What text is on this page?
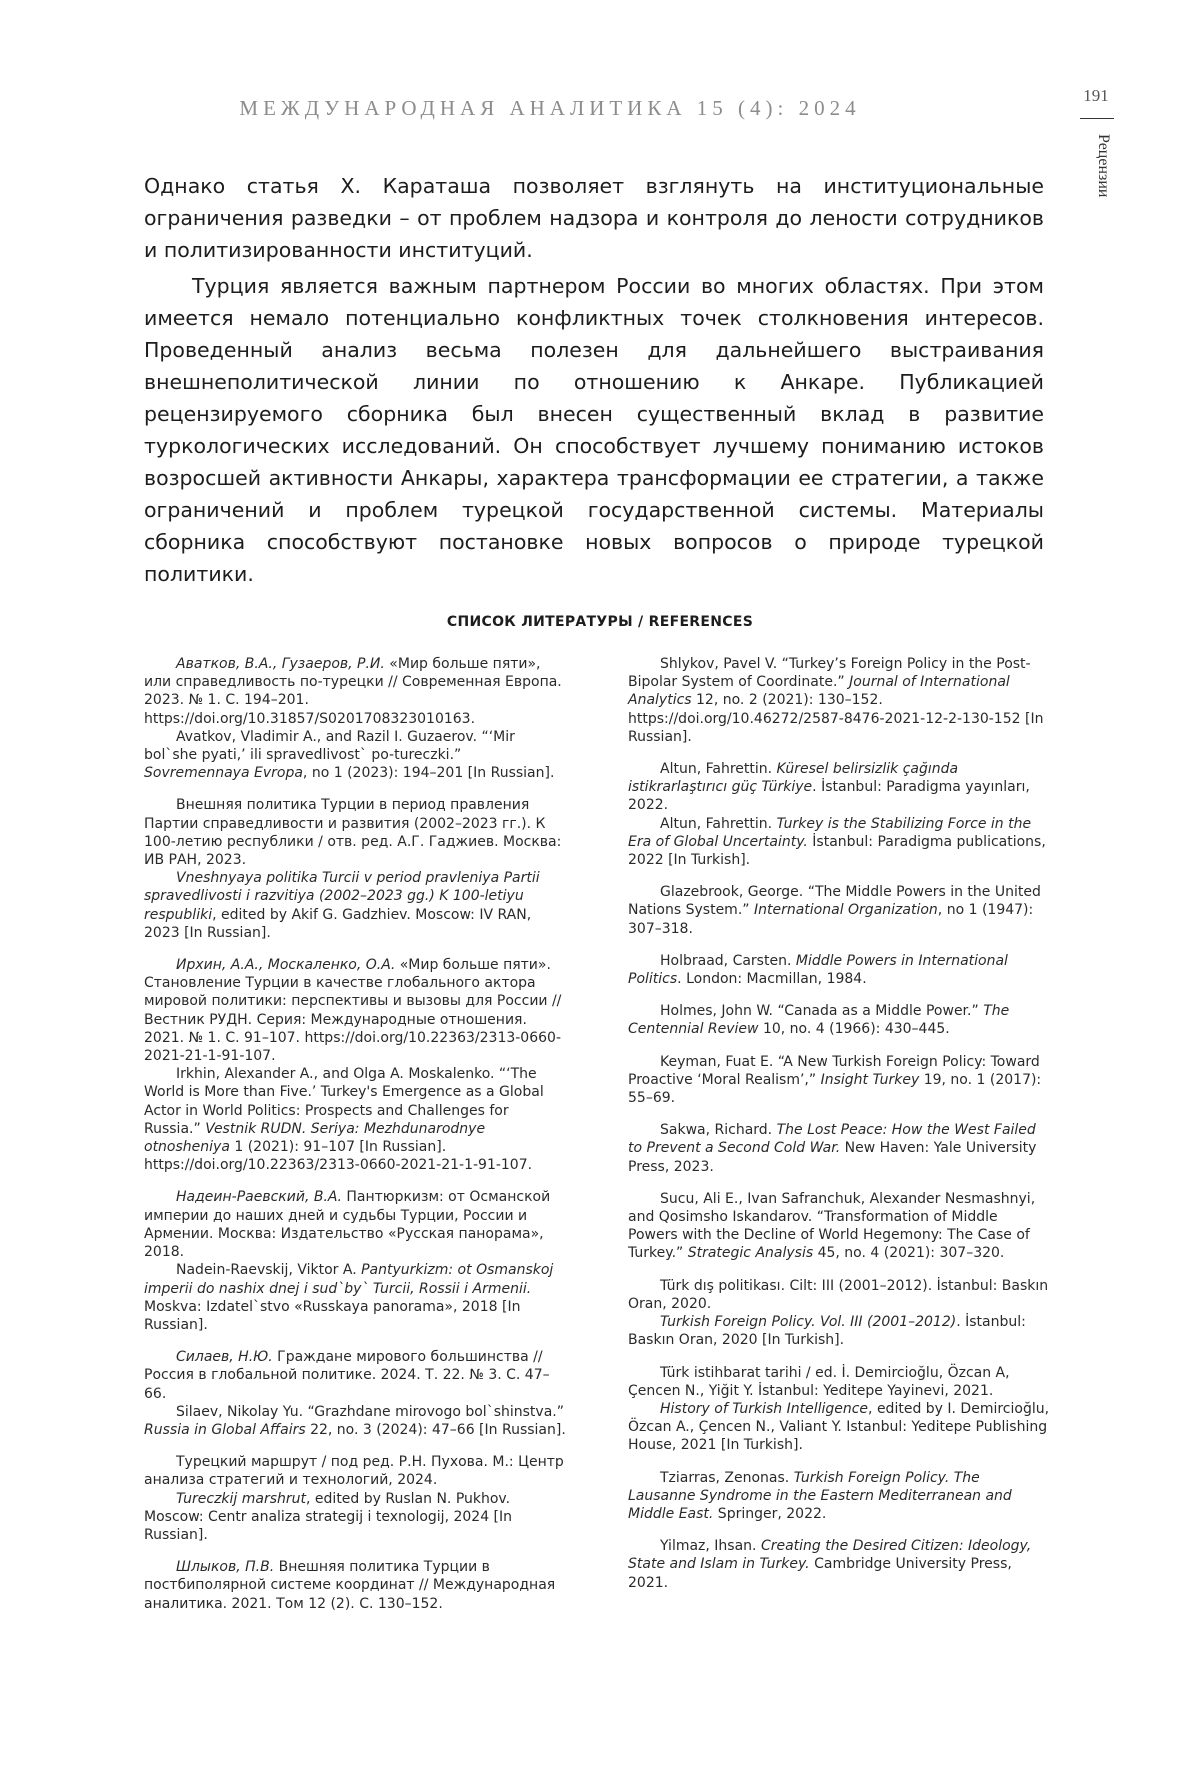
МЕЖДУНАРОДНАЯ АНАЛИТИКА 15 (4): 2024
191
Рецензии

Однако статья Х. Караташа позволяет взглянуть на институциональные ограничения разведки – от проблем надзора и контроля до лености сотрудников и политизированности институций.

Турция является важным партнером России во многих областях. При этом имеется немало потенциально конфликтных точек столкновения интересов. Проведенный анализ весьма полезен для дальнейшего выстраивания внешнеполитической линии по отношению к Анкаре. Публикацией рецензируемого сборника был внесен существенный вклад в развитие туркологических исследований. Он способствует лучшему пониманию истоков возросшей активности Анкары, характера трансформации ее стратегии, а также ограничений и проблем турецкой государственной системы. Материалы сборника способствуют постановке новых вопросов о природе турецкой политики.

СПИСОК ЛИТЕРАТУРЫ / REFERENCES
Аватков, В.А., Гузаеров, Р.И. «Мир больше пяти», или справедливость по-турецки // Современная Европа. 2023. № 1. С. 194–201. https://doi.org/10.31857/S0201708323010163.
Avatkov, Vladimir A., and Razil I. Guzaerov. “‘Mir bol`she pyati,’ ili spravedlivost` po-tureczki.” Sovremennaya Evropa, no 1 (2023): 194–201 [In Russian].
Внешняя политика Турции в период правления Партии справедливости и развития (2002–2023 гг.). К 100-летию республики / отв. ред. А.Г. Гаджиев. Москва: ИВ РАН, 2023.
Vneshnyaya politika Turcii v period pravleniya Partii spravedlivosti i razvitiya (2002–2023 gg.) K 100-letiyu respubliki, edited by Akif G. Gadzhiev. Moscow: IV RAN, 2023 [In Russian].
Ирхин, А.А., Москаленко, О.А. «Мир больше пяти». Становление Турции в качестве глобального актора мировой политики: перспективы и вызовы для России // Вестник РУДН. Серия: Международные отношения. 2021. № 1. С. 91–107. https://doi.org/10.22363/2313-0660-2021-21-1-91-107.
Irkhin, Alexander A., and Olga A. Moskalenko. “‘The World is More than Five.’ Turkey's Emergence as a Global Actor in World Politics: Prospects and Challenges for Russia.” Vestnik RUDN. Seriya: Mezhdunarodnye otnosheniya 1 (2021): 91–107 [In Russian]. https://doi.org/10.22363/2313-0660-2021-21-1-91-107.
Надеин-Раевский, В.А. Пантюркизм: от Османской империи до наших дней и судьбы Турции, России и Армении. Москва: Издательство «Русская панорама», 2018.
Nadein-Raevskij, Viktor A. Pantyurkizm: ot Osmanskoj imperii do nashix dnej i sud`by` Turcii, Rossii i Armenii. Moskva: Izdatel`stvo «Russkaya panorama», 2018 [In Russian].
Силаев, Н.Ю. Граждане мирового большинства // Россия в глобальной политике. 2024. Т. 22. № 3. С. 47–66.
Silaev, Nikolay Yu. “Grazhdane mirovogo bol`shinstva.” Russia in Global Affairs 22, no. 3 (2024): 47–66 [In Russian].
Турецкий маршрут / под ред. Р.Н. Пухова. М.: Центр анализа стратегий и технологий, 2024.
Tureczkij marshrut, edited by Ruslan N. Pukhov. Moscow: Centr analiza strategij i texnologij, 2024 [In Russian].
Шлыков, П.В. Внешняя политика Турции в постбиполярной системе координат // Международная аналитика. 2021. Том 12 (2). С. 130–152.
Shlykov, Pavel V. “Turkey’s Foreign Policy in the Post-Bipolar System of Coordinate.” Journal of International Analytics 12, no. 2 (2021): 130–152. https://doi.org/10.46272/2587-8476-2021-12-2-130-152 [In Russian].
Altun, Fahrettin. Küresel belirsizlik çağında istikrarlaştırıcı güç Türkiye. İstanbul: Paradigma yayınları, 2022.
Altun, Fahrettin. Turkey is the Stabilizing Force in the Era of Global Uncertainty. İstanbul: Paradigma publications, 2022 [In Turkish].
Glazebrook, George. “The Middle Powers in the United Nations System.” International Organization, no 1 (1947): 307–318.
Holbraad, Carsten. Middle Powers in International Politics. London: Macmillan, 1984.
Holmes, John W. “Canada as a Middle Power.” The Centennial Review 10, no. 4 (1966): 430–445.
Keyman, Fuat E. “A New Turkish Foreign Policy: Toward Proactive ‘Moral Realism’,” Insight Turkey 19, no. 1 (2017): 55–69.
Sakwa, Richard. The Lost Peace: How the West Failed to Prevent a Second Cold War. New Haven: Yale University Press, 2023.
Sucu, Ali E., Ivan Safranchuk, Alexander Nesmashnyi, and Qosimsho Iskandarov. “Transformation of Middle Powers with the Decline of World Hegemony: The Case of Turkey.” Strategic Analysis 45, no. 4 (2021): 307–320.
Türk dış politikası. Cilt: III (2001–2012). İstanbul: Baskın Oran, 2020.
Turkish Foreign Policy. Vol. III (2001–2012). İstanbul: Baskın Oran, 2020 [In Turkish].
Türk istihbarat tarihi / ed. İ. Demircioğlu, Özcan A, Çencen N., Yiğit Y. İstanbul: Yeditepe Yayinevi, 2021.
History of Turkish Intelligence, edited by I. Demircioğlu, Özcan A., Çencen N., Valiant Y. Istanbul: Yeditepe Publishing House, 2021 [In Turkish].
Tziarras, Zenonas. Turkish Foreign Policy. The Lausanne Syndrome in the Eastern Mediterranean and Middle East. Springer, 2022.
Yilmaz, Ihsan. Creating the Desired Citizen: Ideology, State and Islam in Turkey. Cambridge University Press, 2021.
